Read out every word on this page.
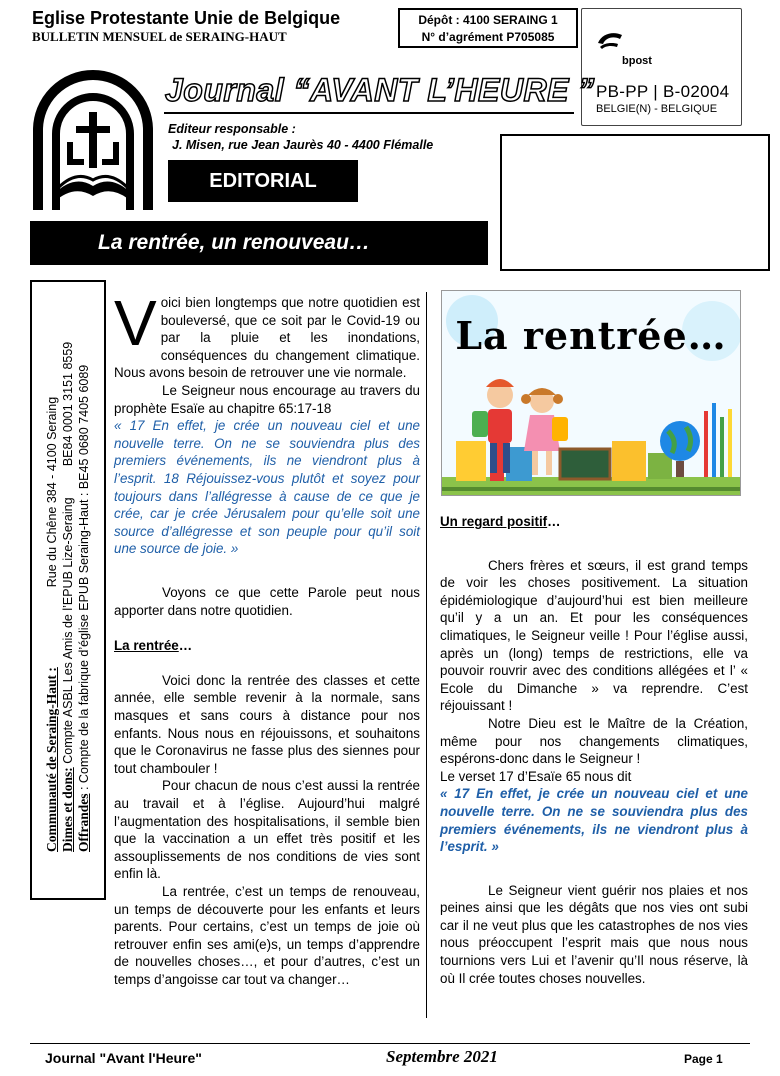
Eglise Protestante Unie de Belgique
BULLETIN MENSUEL de SERAING-HAUT
Dépôt : 4100 SERAING 1
N° d’agrément P705085
bpost
PB-PP | B-02004
BELGIE(N) - BELGIQUE
Journal “AVANT L’HEURE ”
Editeur responsable :
J. Misen, rue Jean Jaurès 40 - 4400 Flémalle
EDITORIAL
La rentrée, un renouveau…
Communauté de Seraing-Haut :                       Rue du Chêne 384 - 4100 Seraing
Dimes et dons: Compte ASBL Les Amis de l’EPUB Lize-Seraing         BE84 0001 3151 8559
Offrandes : Compte de la fabrique d’église EPUB Seraing-Haut : BE45 0680 7405 6089

Voici bien longtemps que notre quotidien est bouleversé, que ce soit par le Covid-19 ou par la pluie et les inondations, conséquences du changement climatique. Nous avons besoin de retrouver une vie normale.

Le Seigneur nous encourage au travers du prophète Esaïe au chapitre 65:17-18

« 17 En effet, je crée un nouveau ciel et une nouvelle terre. On ne se souviendra plus des premiers événements, ils ne viendront plus à l’esprit. 18 Réjouissez-vous plutôt et soyez pour toujours dans l’allégresse à cause de ce que je crée, car je crée Jérusalem pour qu’elle soit une source d’allégresse et son peuple pour qu’il soit une source de joie. »

Voyons ce que cette Parole peut nous apporter dans notre quotidien.

La rentrée…

Voici donc la rentrée des classes et cette année, elle semble revenir à la normale, sans masques et sans cours à distance pour nos enfants. Nous nous en réjouissons, et souhaitons que le Coronavirus ne fasse plus des siennes pour tout chambouler !

Pour chacun de nous c’est aussi la rentrée au travail et à l’église. Aujourd’hui malgré l’augmentation des hospitalisations, il semble bien que la vaccination a un effet très positif et les assouplissements de nos conditions de vies sont enfin là.

La rentrée, c’est un temps de renouveau, un temps de découverte pour les enfants et leurs parents. Pour certains, c’est un temps de joie où retrouver enfin ses ami(e)s, un temps d’apprendre de nouvelles choses…, et pour d’autres, c’est un temps d’angoisse car tout va changer…

La rentrée…

Un regard positif…

Chers frères et sœurs, il est grand temps de voir les choses positivement. La situation épidémiologique d’aujourd’hui est bien meilleure qu’il y a un an. Et pour les conséquences climatiques, le Seigneur veille ! Pour l’église aussi, après un (long) temps de restrictions, elle va pouvoir rouvrir avec des conditions allégées et l’ « Ecole du Dimanche » va reprendre. C’est réjouissant !

Notre Dieu est le Maître de la Création, même pour nos changements climatiques, espérons-donc dans le Seigneur !

Le verset 17 d’Esaïe 65 nous dit

« 17 En effet, je crée un nouveau ciel et une nouvelle terre. On ne se souviendra plus des premiers événements, ils ne viendront plus à l’esprit. »

Le Seigneur vient guérir nos plaies et nos peines ainsi que les dégâts que nos vies ont subi car il ne veut plus que les catastrophes de nos vies nous préoccupent l’esprit mais que nous nous tournions vers Lui et l’avenir qu’Il nous réserve, là où Il crée toutes choses nouvelles.

Journal "Avant l'Heure"	Septembre 2021	Page 1
